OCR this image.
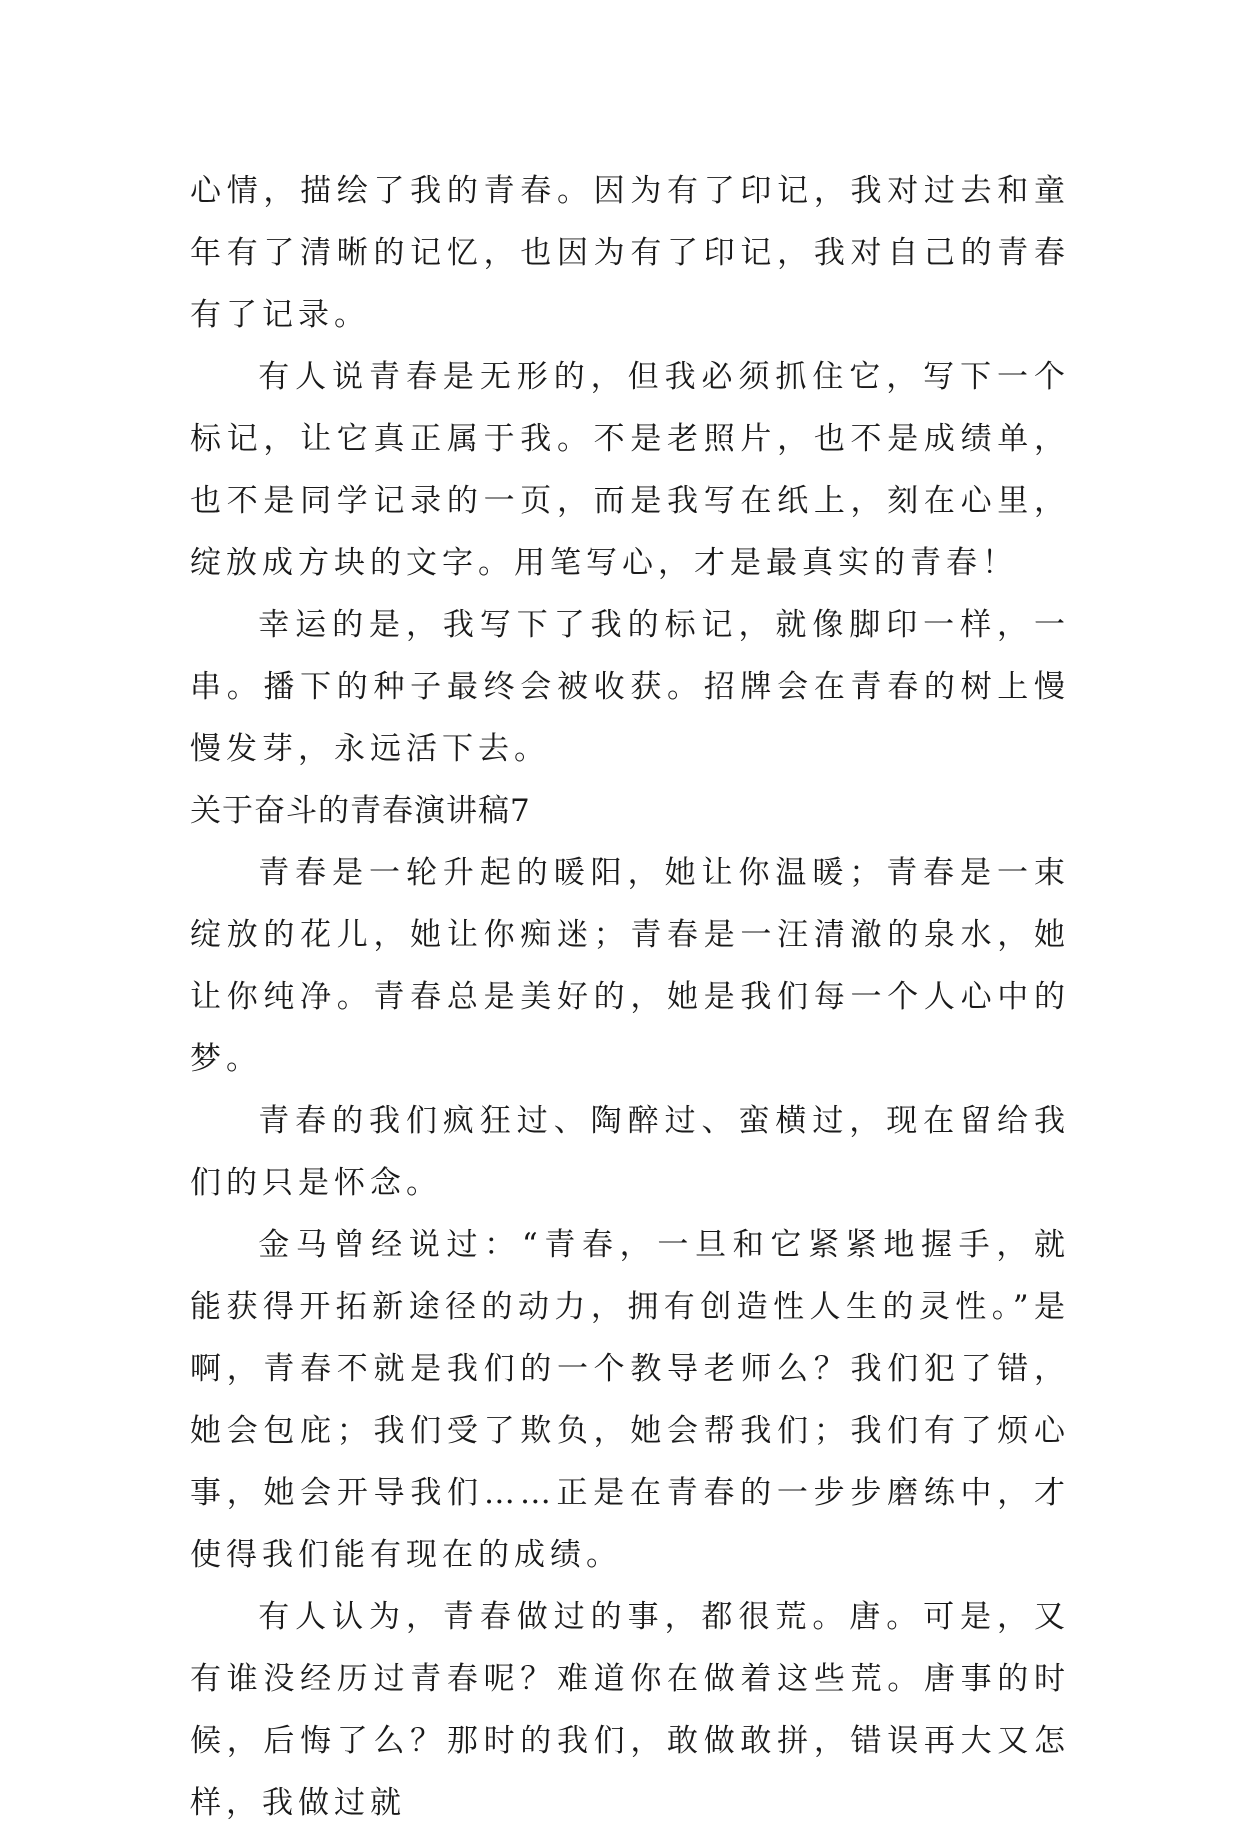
心情，描绘了我的青春。因为有了印记，我对过去和童年有了清晰的记忆，也因为有了印记，我对自己的青春有了记录。

有人说青春是无形的，但我必须抓住它，写下一个标记，让它真正属于我。不是老照片，也不是成绩单，也不是同学记录的一页，而是我写在纸上，刻在心里，绽放成方块的文字。用笔写心，才是最真实的青春！

幸运的是，我写下了我的标记，就像脚印一样，一串。播下的种子最终会被收获。招牌会在青春的树上慢慢发芽，永远活下去。

关于奋斗的青春演讲稿7

青春是一轮升起的暖阳，她让你温暖；青春是一束绽放的花儿，她让你痴迷；青春是一汪清澈的泉水，她让你纯净。青春总是美好的，她是我们每一个人心中的梦。

青春的我们疯狂过、陶醉过、蛮横过，现在留给我们的只是怀念。

金马曾经说过：“青春，一旦和它紧紧地握手，就能获得开拓新途径的动力，拥有创造性人生的灵性。”是啊，青春不就是我们的一个教导老师么？我们犯了错，她会包庇；我们受了欺负，她会帮我们；我们有了烦心事，她会开导我们……正是在青春的一步步磨练中，才使得我们能有现在的成绩。

有人认为，青春做过的事，都很荒。唐。可是，又有谁没经历过青春呢？难道你在做着这些荒。唐事的时候，后悔了么？那时的我们，敢做敢拼，错误再大又怎样，我做过就
